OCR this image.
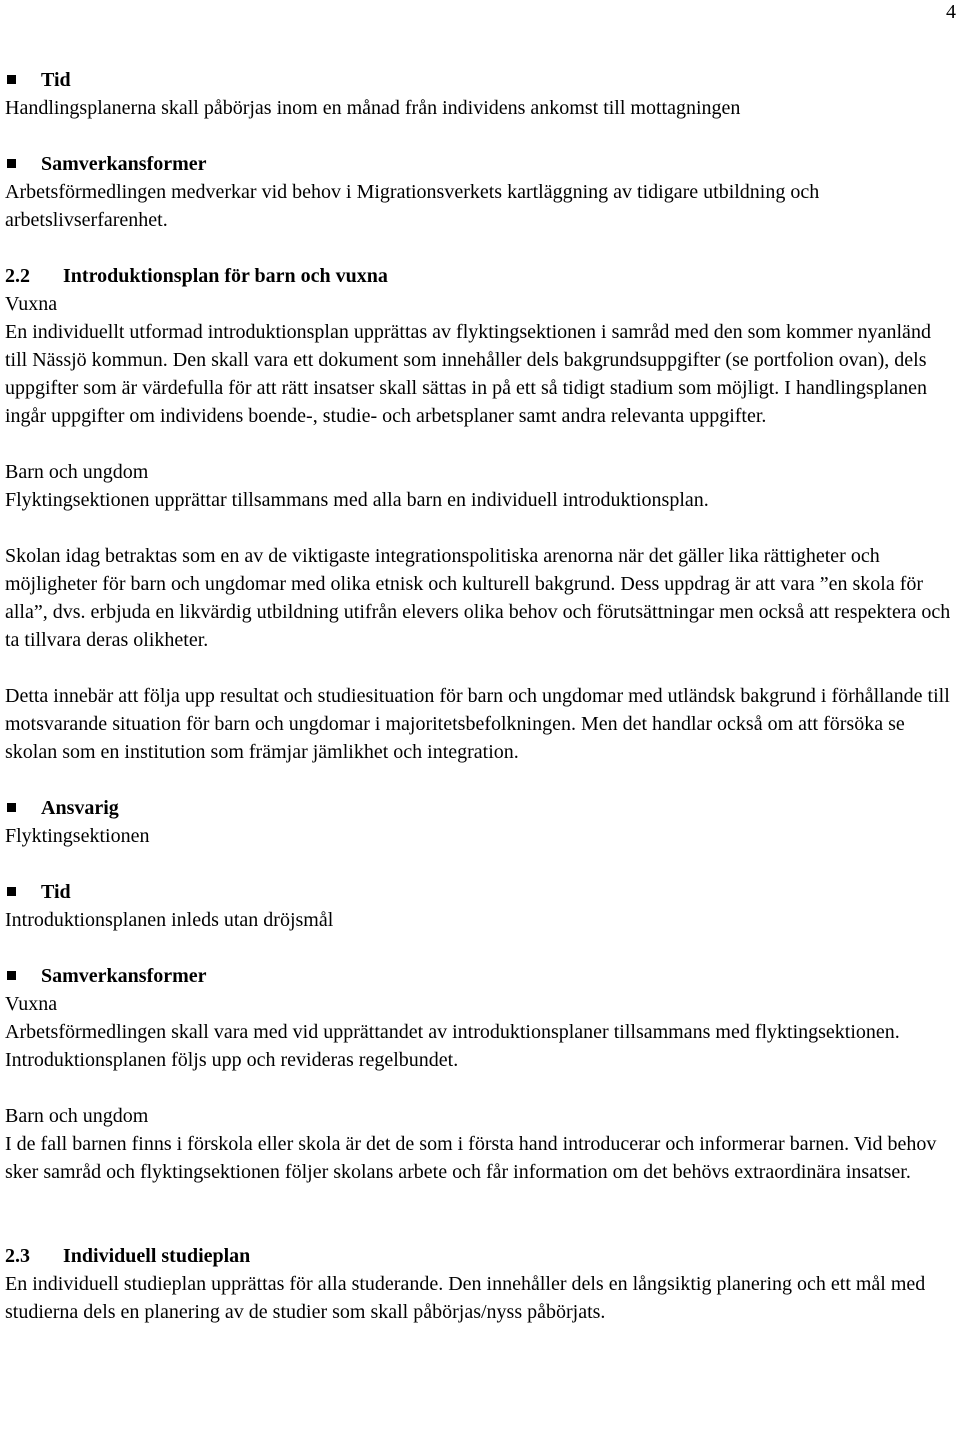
4

Tid

Handlingsplanerna skall påbörjas inom en månad från individens ankomst till mottagningen

Samverkansformer

Arbetsförmedlingen medverkar vid behov i Migrationsverkets kartläggning av tidigare utbildning och arbetslivserfarenhet.

2.2 Introduktionsplan för barn och vuxna

Vuxna

En individuellt utformad introduktionsplan upprättas av flyktingsektionen i samråd med den som kommer nyanländ till Nässjö kommun. Den skall vara ett dokument som innehåller dels bakgrundsuppgifter (se portfolion ovan), dels uppgifter som är värdefulla för att rätt insatser skall sättas in på ett så tidigt stadium som möjligt. I handlingsplanen ingår uppgifter om individens boende-, studie- och arbetsplaner samt andra relevanta uppgifter.

Barn och ungdom

Flyktingsektionen upprättar tillsammans med alla barn en individuell introduktionsplan.

Skolan idag betraktas som en av de viktigaste integrationspolitiska arenorna när det gäller lika rättigheter och möjligheter för barn och ungdomar med olika etnisk och kulturell bakgrund. Dess uppdrag är att vara ”en skola för alla”, dvs. erbjuda en likvärdig utbildning utifrån elevers olika behov och förutsättningar men också att respektera och ta tillvara deras olikheter.

Detta innebär att följa upp resultat och studiesituation för barn och ungdomar med utländsk bakgrund i förhållande till motsvarande situation för barn och ungdomar i majoritetsbefolkningen. Men det handlar också om att försöka se skolan som en institution som främjar jämlikhet och integration.

Ansvarig

Flyktingsektionen

Tid

Introduktionsplanen inleds utan dröjsmål

Samverkansformer

Vuxna

Arbetsförmedlingen skall vara med vid upprättandet av introduktionsplaner tillsammans med flyktingsektionen. Introduktionsplanen följs upp och revideras regelbundet.

Barn och ungdom

I de fall barnen finns i förskola eller skola är det de som i första hand introducerar och informerar barnen. Vid behov sker samråd och flyktingsektionen följer skolans arbete och får information om det behövs extraordinära insatser.

2.3 Individuell studieplan

En individuell studieplan upprättas för alla studerande. Den innehåller dels en långsiktig planering och ett mål med studierna dels en planering av de studier som skall påbörjas/nyss påbörjats.
